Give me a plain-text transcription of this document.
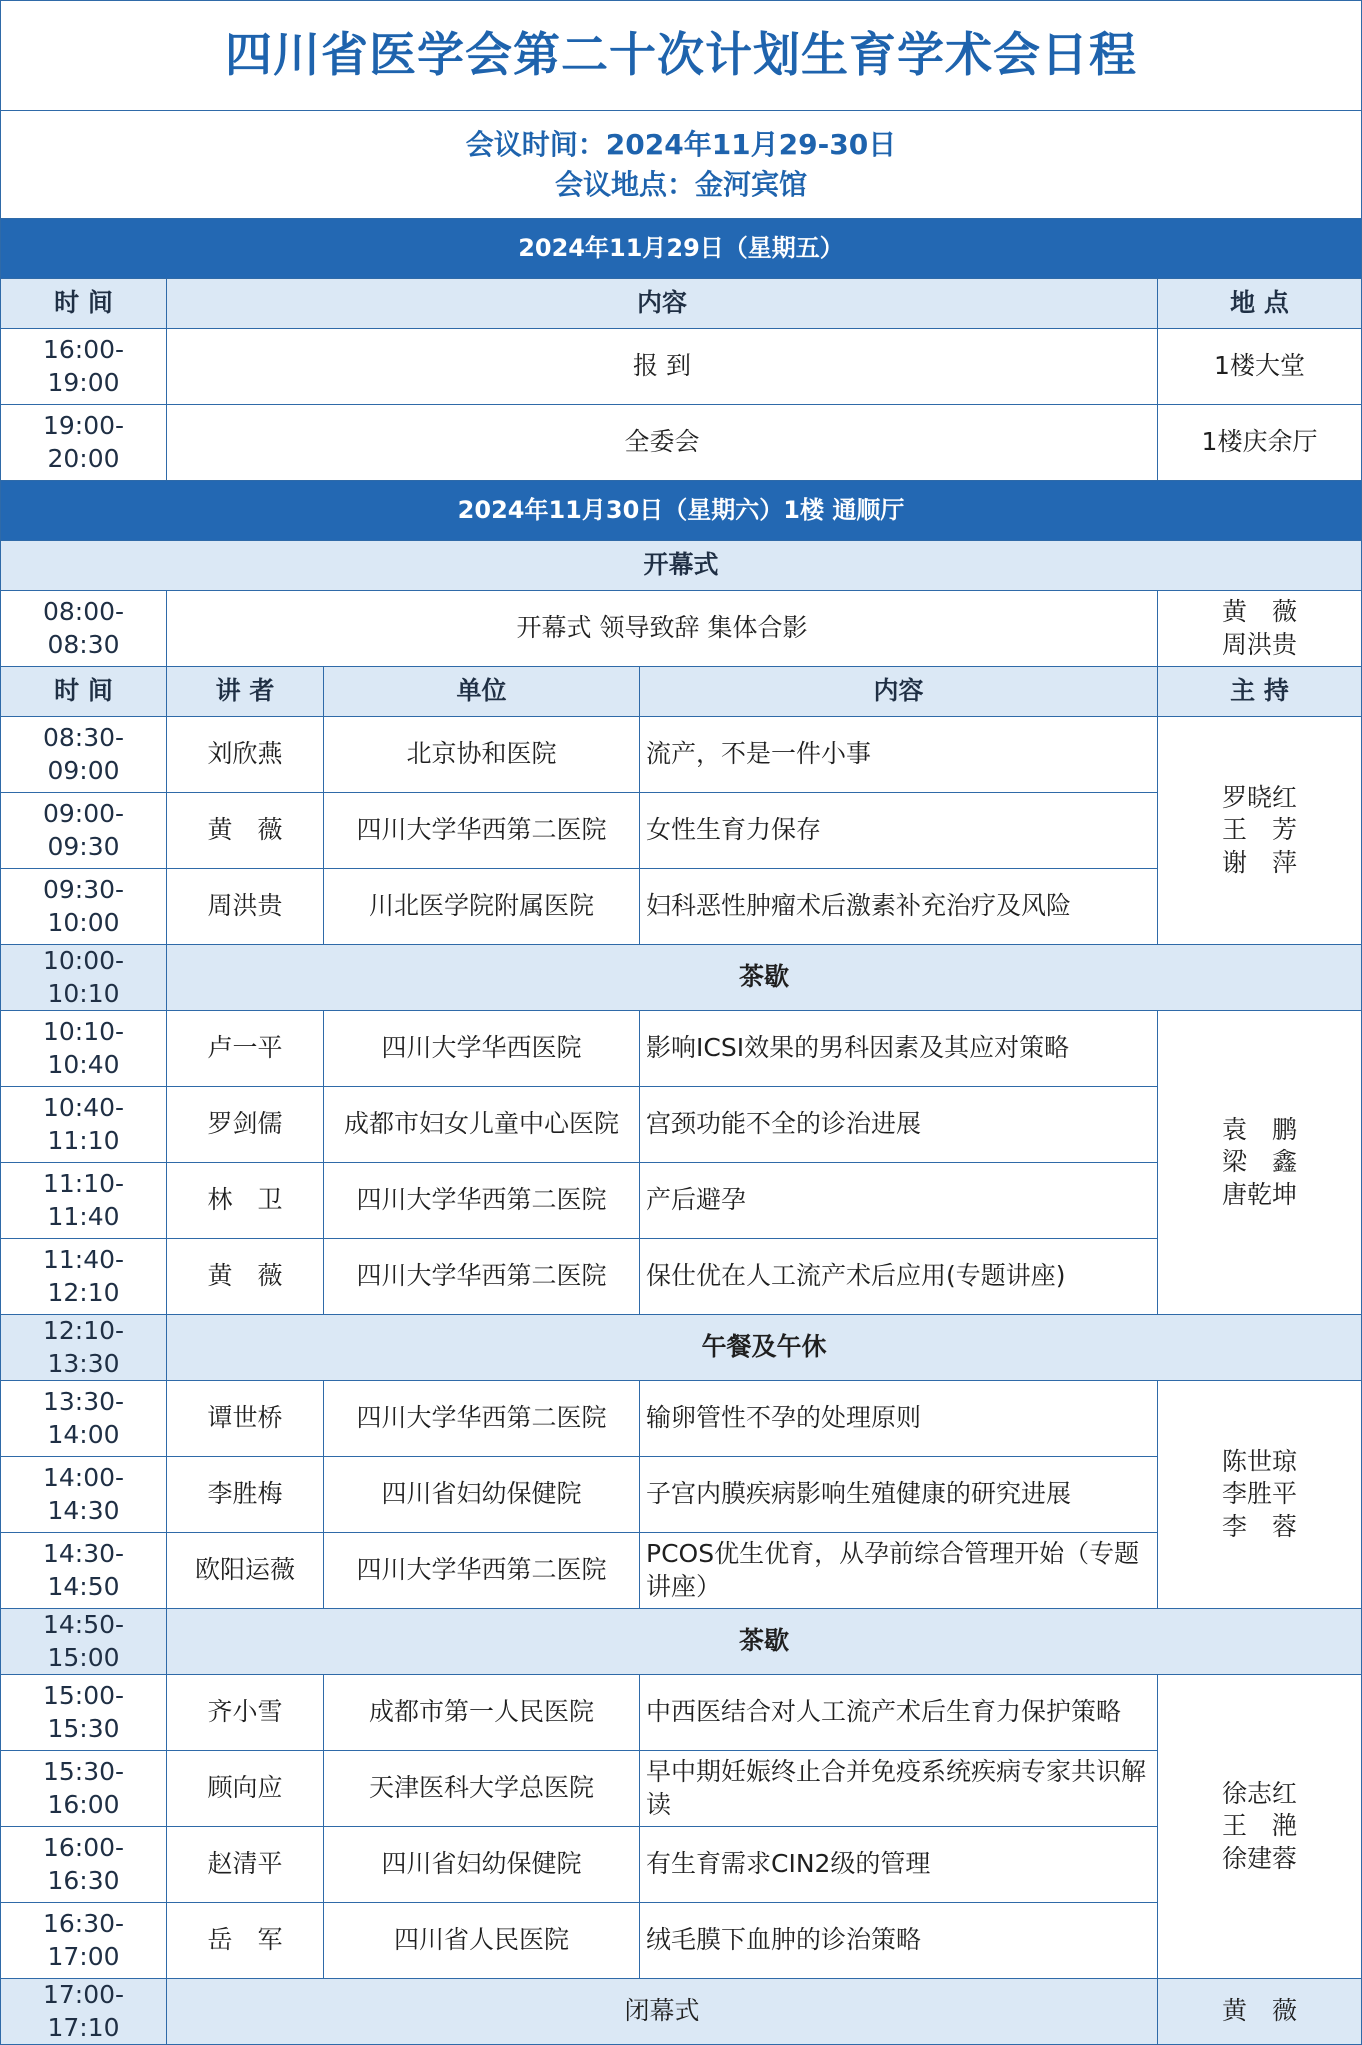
四川省医学会第二十次计划生育学术会日程				

会议时间：2024年11月29-30日
会议地点：金河宾馆				

2024年11月29日（星期五）				
时 间	内容			地 点
16:00-19:00	报 到			1楼大堂
19:00-20:00	全委会			1楼庆余厅
2024年11月30日（星期六）1楼 通顺厅				
开幕式				
08:00-08:30	开幕式 领导致辞 集体合影			黄　薇
周洪贵

时 间	讲 者	单位	内容	主 持
08:30-09:00	刘欣燕	北京协和医院	流产，不是一件小事	罗晓红
王　芳
谢　萍

09:00-09:30	黄　薇	四川大学华西第二医院	女性生育力保存	
09:30-10:00	周洪贵	川北医学院附属医院	妇科恶性肿瘤术后激素补充治疗及风险	
10:00-10:10	茶歇			
10:10-10:40	卢一平	四川大学华西医院	影响ICSI效果的男科因素及其应对策略	袁　鹏
梁　鑫
唐乾坤

10:40-11:10	罗剑儒	成都市妇女儿童中心医院	宫颈功能不全的诊治进展	
11:10-11:40	林　卫	四川大学华西第二医院	产后避孕	
11:40-12:10	黄　薇	四川大学华西第二医院	保仕优在人工流产术后应用(专题讲座)	
12:10-13:30	午餐及午休			
13:30-14:00	谭世桥	四川大学华西第二医院	输卵管性不孕的处理原则	陈世琼
李胜平
李　蓉

14:00-14:30	李胜梅	四川省妇幼保健院	子宫内膜疾病影响生殖健康的研究进展	
14:30-14:50	欧阳运薇	四川大学华西第二医院	PCOS优生优育，从孕前综合管理开始（专题讲座）	
14:50-15:00	茶歇			
15:00-15:30	齐小雪	成都市第一人民医院	中西医结合对人工流产术后生育力保护策略	徐志红
王　滟
徐建蓉

15:30-16:00	顾向应	天津医科大学总医院	早中期妊娠终止合并免疫系统疾病专家共识解读	
16:00-16:30	赵清平	四川省妇幼保健院	有生育需求CIN2级的管理	
16:30-17:00	岳　军	四川省人民医院	绒毛膜下血肿的诊治策略	
17:00-17:10	闭幕式			黄　薇
